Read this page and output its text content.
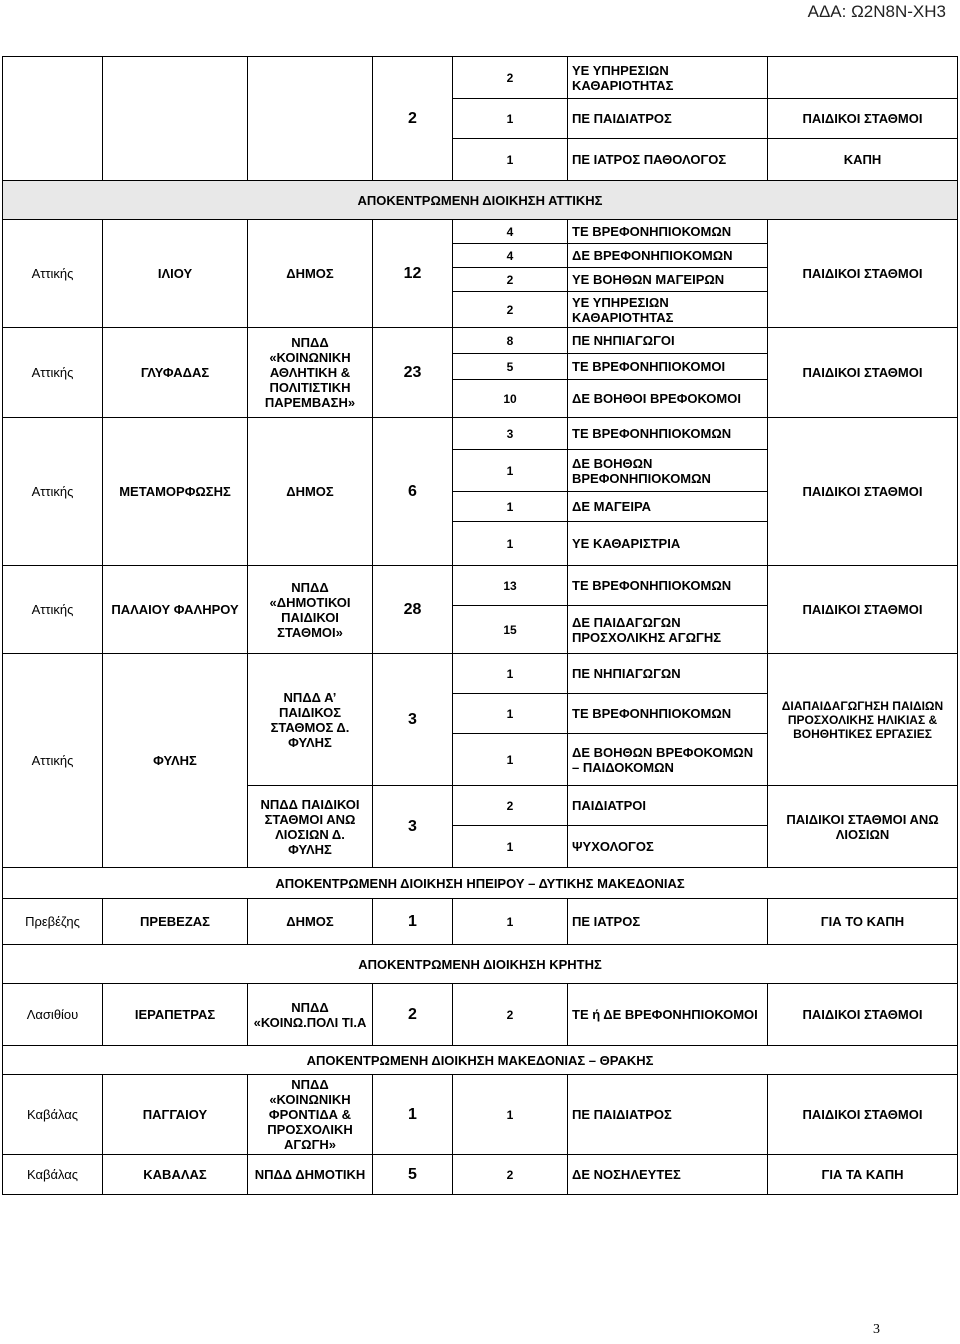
ΑΔΑ: Ω2Ν8Ν-ΧΗ3
			2	2	ΥΕ ΥΠΗΡΕΣΙΩΝ ΚΑΘΑΡΙΟΤΗΤΑΣ	
				1	ΠΕ ΠΑΙΔΙΑΤΡΟΣ	ΠΑΙΔΙΚΟΙ ΣΤΑΘΜΟΙ
				1	ΠΕ ΙΑΤΡΟΣ ΠΑΘΟΛΟΓΟΣ	ΚΑΠΗ
ΑΠΟΚΕΝΤΡΩΜΕΝΗ ΔΙΟΙΚΗΣΗ ΑΤΤΙΚΗΣ						
Αττικής	ΙΛΙΟΥ	ΔΗΜΟΣ	12	4	ΤΕ ΒΡΕΦΟΝΗΠΙΟΚΟΜΩΝ	ΠΑΙΔΙΚΟΙ ΣΤΑΘΜΟΙ
				4	ΔΕ ΒΡΕΦΟΝΗΠΙΟΚΟΜΩΝ	
				2	ΥΕ ΒΟΗΘΩΝ ΜΑΓΕΙΡΩΝ	
				2	ΥΕ ΥΠΗΡΕΣΙΩΝ ΚΑΘΑΡΙΟΤΗΤΑΣ	
Αττικής	ΓΛΥΦΑΔΑΣ	ΝΠΔΔ «ΚΟΙΝΩΝΙΚΗ ΑΘΛΗΤΙΚΗ & ΠΟΛΙΤΙΣΤΙΚΗ ΠΑΡΕΜΒΑΣΗ»	23	8	ΠΕ ΝΗΠΙΑΓΩΓΟΙ	ΠΑΙΔΙΚΟΙ ΣΤΑΘΜΟΙ
				5	ΤΕ ΒΡΕΦΟΝΗΠΙΟΚΟΜΟΙ	
				10	ΔΕ ΒΟΗΘΟΙ ΒΡΕΦΟΚΟΜΟΙ	
Αττικής	ΜΕΤΑΜΟΡΦΩΣΗΣ	ΔΗΜΟΣ	6	3	ΤΕ ΒΡΕΦΟΝΗΠΙΟΚΟΜΩΝ	ΠΑΙΔΙΚΟΙ ΣΤΑΘΜΟΙ
				1	ΔΕ ΒΟΗΘΩΝ ΒΡΕΦΟΝΗΠΙΟΚΟΜΩΝ	
				1	ΔΕ ΜΑΓΕΙΡΑ	
				1	ΥΕ ΚΑΘΑΡΙΣΤΡΙΑ	
Αττικής	ΠΑΛΑΙΟΥ ΦΑΛΗΡΟΥ	ΝΠΔΔ «ΔΗΜΟΤΙΚΟΙ ΠΑΙΔΙΚΟΙ ΣΤΑΘΜΟΙ»	28	13	ΤΕ ΒΡΕΦΟΝΗΠΙΟΚΟΜΩΝ	ΠΑΙΔΙΚΟΙ ΣΤΑΘΜΟΙ
				15	ΔΕ ΠΑΙΔΑΓΩΓΩΝ ΠΡΟΣΧΟΛΙΚΗΣ ΑΓΩΓΗΣ	
Αττικής	ΦΥΛΗΣ	ΝΠΔΔ Α’ ΠΑΙΔΙΚΟΣ ΣΤΑΘΜΟΣ Δ. ΦΥΛΗΣ	3	1	ΠΕ ΝΗΠΙΑΓΩΓΩΝ	ΔΙΑΠΑΙΔΑΓΩΓΗΣΗ ΠΑΙΔΙΩΝ ΠΡΟΣΧΟΛΙΚΗΣ ΗΛΙΚΙΑΣ & ΒΟΗΘΗΤΙΚΕΣ ΕΡΓΑΣΙΕΣ
				1	ΤΕ ΒΡΕΦΟΝΗΠΙΟΚΟΜΩΝ	
				1	ΔΕ ΒΟΗΘΩΝ ΒΡΕΦΟΚΟΜΩΝ – ΠΑΙΔΟΚΟΜΩΝ	
		ΝΠΔΔ ΠΑΙΔΙΚΟΙ ΣΤΑΘΜΟΙ ΑΝΩ ΛΙΟΣΙΩΝ Δ. ΦΥΛΗΣ	3	2	ΠΑΙΔΙΑΤΡΟΙ	ΠΑΙΔΙΚΟΙ ΣΤΑΘΜΟΙ ΑΝΩ ΛΙΟΣΙΩΝ
				1	ΨΥΧΟΛΟΓΟΣ	
ΑΠΟΚΕΝΤΡΩΜΕΝΗ ΔΙΟΙΚΗΣΗ ΗΠΕΙΡΟΥ – ΔΥΤΙΚΗΣ ΜΑΚΕΔΟΝΙΑΣ						
Πρεβέζης	ΠΡΕΒΕΖΑΣ	ΔΗΜΟΣ	1	1	ΠΕ ΙΑΤΡΟΣ	ΓΙΑ ΤΟ ΚΑΠΗ
ΑΠΟΚΕΝΤΡΩΜΕΝΗ ΔΙΟΙΚΗΣΗ ΚΡΗΤΗΣ						
Λασιθίου	ΙΕΡΑΠΕΤΡΑΣ	ΝΠΔΔ «ΚΟΙΝΩ.ΠΟΛΙ ΤΙ.Α	2	2	ΤΕ ή ΔΕ ΒΡΕΦΟΝΗΠΙΟΚΟΜΟΙ	ΠΑΙΔΙΚΟΙ ΣΤΑΘΜΟΙ
ΑΠΟΚΕΝΤΡΩΜΕΝΗ ΔΙΟΙΚΗΣΗ ΜΑΚΕΔΟΝΙΑΣ – ΘΡΑΚΗΣ						
Καβάλας	ΠΑΓΓΑΙΟΥ	ΝΠΔΔ «ΚΟΙΝΩΝΙΚΗ ΦΡΟΝΤΙΔΑ & ΠΡΟΣΧΟΛΙΚΗ ΑΓΩΓΗ»	1	1	ΠΕ ΠΑΙΔΙΑΤΡΟΣ	ΠΑΙΔΙΚΟΙ ΣΤΑΘΜΟΙ
Καβάλας	ΚΑΒΑΛΑΣ	ΝΠΔΔ ΔΗΜΟΤΙΚΗ	5	2	ΔΕ ΝΟΣΗΛΕΥΤΕΣ	ΓΙΑ ΤΑ ΚΑΠΗ
3
